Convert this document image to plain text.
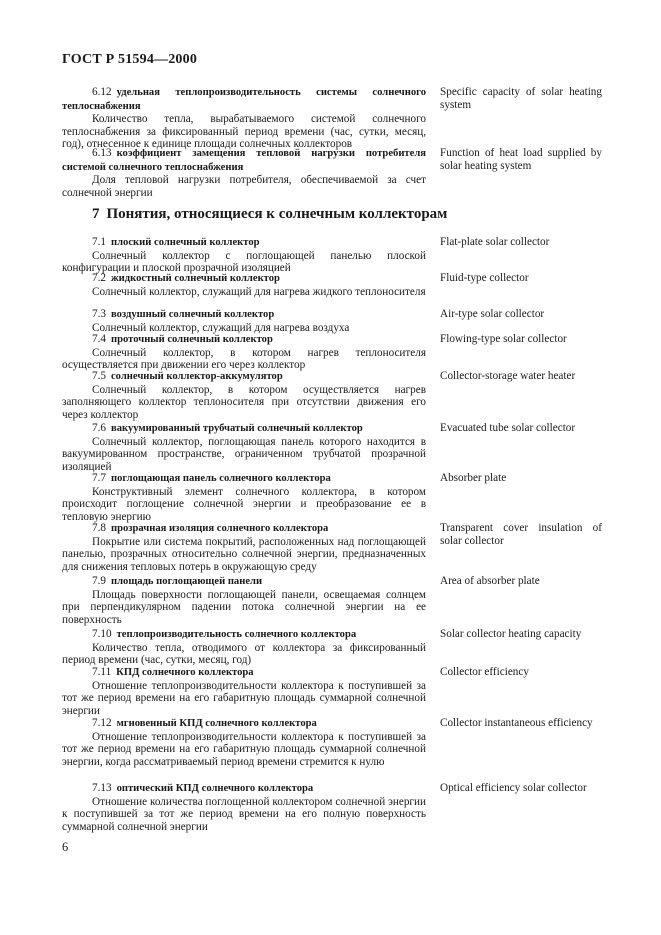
ГОСТ Р 51594—2000
7 Понятия, относящиеся к солнечным коллекторам
6.12 удельная теплопроизводительность системы солнечного теплоснабжения
Количество тепла, вырабатываемого системой солнечного теплоснабжения за фиксированный период времени (час, сутки, месяц, год), отнесенное к единице площади солнечных коллекторов
Specific capacity of solar heating system
6.13 коэффициент замещения тепловой нагрузки потребителя системой солнечного теплоснабжения
Доля тепловой нагрузки потребителя, обеспечиваемой за счет солнечной энергии
Function of heat load supplied by solar heating system
7.1 плоский солнечный коллектор
Солнечный коллектор с поглощающей панелью плоской конфигурации и плоской прозрачной изоляцией
Flat-plate solar collector
7.2 жидкостный солнечный коллектор
Солнечный коллектор, служащий для нагрева жидкого теплоносителя
Fluid-type collector
7.3 воздушный солнечный коллектор
Солнечный коллектор, служащий для нагрева воздуха
Air-type solar collector
7.4 проточный солнечный коллектор
Солнечный коллектор, в котором нагрев теплоносителя осуществляется при движении его через коллектор
Flowing-type solar collector
7.5 солнечный коллектор-аккумулятор
Солнечный коллектор, в котором осуществляется нагрев заполняющего коллектор теплоносителя при отсутствии движения его через коллектор
Collector-storage water heater
7.6 вакуумированный трубчатый солнечный коллектор
Солнечный коллектор, поглощающая панель которого находится в вакуумированном пространстве, ограниченном трубчатой прозрачной изоляцией
Evacuated tube solar collector
7.7 поглощающая панель солнечного коллектора
Конструктивный элемент солнечного коллектора, в котором происходит поглощение солнечной энергии и преобразование ее в тепловую энергию
Absorber plate
7.8 прозрачная изоляция солнечного коллектора
Покрытие или система покрытий, расположенных над поглощающей панелью, прозрачных относительно солнечной энергии, предназначенных для снижения тепловых потерь в окружающую среду
Transparent cover insulation of solar collector
7.9 площадь поглощающей панели
Площадь поверхности поглощающей панели, освещаемая солнцем при перпендикулярном падении потока солнечной энергии на ее поверхность
Area of absorber plate
7.10 теплопроизводительность солнечного коллектора
Количество тепла, отводимого от коллектора за фиксированный период времени (час, сутки, месяц, год)
Solar collector heating capacity
7.11 КПД солнечного коллектора
Отношение теплопроизводительности коллектора к поступившей за тот же период времени на его габаритную площадь суммарной солнечной энергии
Collector efficiency
7.12 мгновенный КПД солнечного коллектора
Отношение теплопроизводительности коллектора к поступившей за тот же период времени на его габаритную площадь суммарной солнечной энергии, когда рассматриваемый период времени стремится к нулю
Collector instantaneous efficiency
7.13 оптический КПД солнечного коллектора
Отношение количества поглощенной коллектором солнечной энергии к поступившей за тот же период времени на его полную поверхность суммарной солнечной энергии
Optical efficiency solar collector
6
